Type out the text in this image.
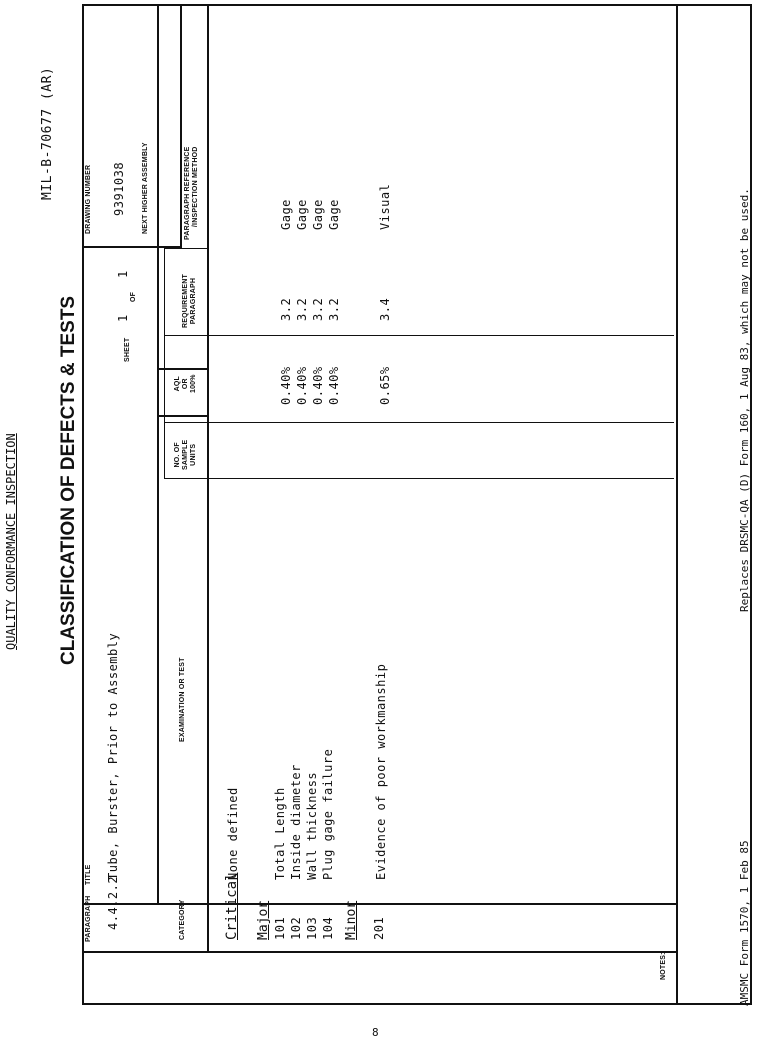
QUALITY CONFORMANCE INSPECTION
MIL-B-70677 (AR)
CLASSIFICATION OF DEFECTS & TESTS
PARAGRAPH 4.4.2.2
TITLE Tube, Burster, Prior to Assembly
SHEET
1
OF
1
DRAWING NUMBER 9391038 NEXT HIGHER ASSEMBLY
CATEGORY
EXAMINATION OR TEST
NO. OF SAMPLE UNITS
AQL OR 100%
REQUIREMENT PARAGRAPH
PARAGRAPH REFERENCE /INSPECTION METHOD
Critical
None defined
Major 101 102 103 104
Total Length Inside diameter Wall thickness Plug gage failure
0.40% 0.40% 0.40% 0.40%
3.2 3.2 3.2 3.2
Gage Gage Gage Gage
Minor 201
Evidence of poor workmanship
0.65%
3.4
Visual
NOTES:	AMSMC Form 1570, 1 Feb 85
Replaces DRSMC-QA (D) Form 160, 1 Aug 83, which may not be used.
8
